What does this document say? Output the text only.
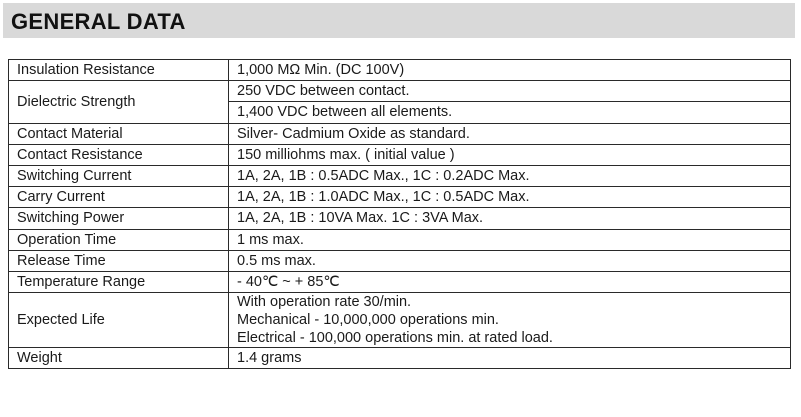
GENERAL DATA
Insulation Resistance	1,000 MΩ Min. (DC 100V)
Dielectric Strength	250 VDC between contact.
	1,400 VDC between all elements.
Contact Material	Silver- Cadmium Oxide as standard.
Contact Resistance	150 milliohms max. ( initial value )
Switching Current	1A, 2A, 1B : 0.5ADC Max., 1C : 0.2ADC Max.
Carry Current	1A, 2A, 1B : 1.0ADC Max., 1C : 0.5ADC Max.
Switching Power	1A, 2A, 1B : 10VA Max. 1C : 3VA Max.
Operation Time	1 ms max.
Release Time	0.5 ms max.
Temperature Range	- 40℃ ~ + 85℃
Expected Life	With operation rate 30/min.
Mechanical - 10,000,000 operations min.
Electrical - 100,000 operations min. at rated load.

Weight	1.4 grams
